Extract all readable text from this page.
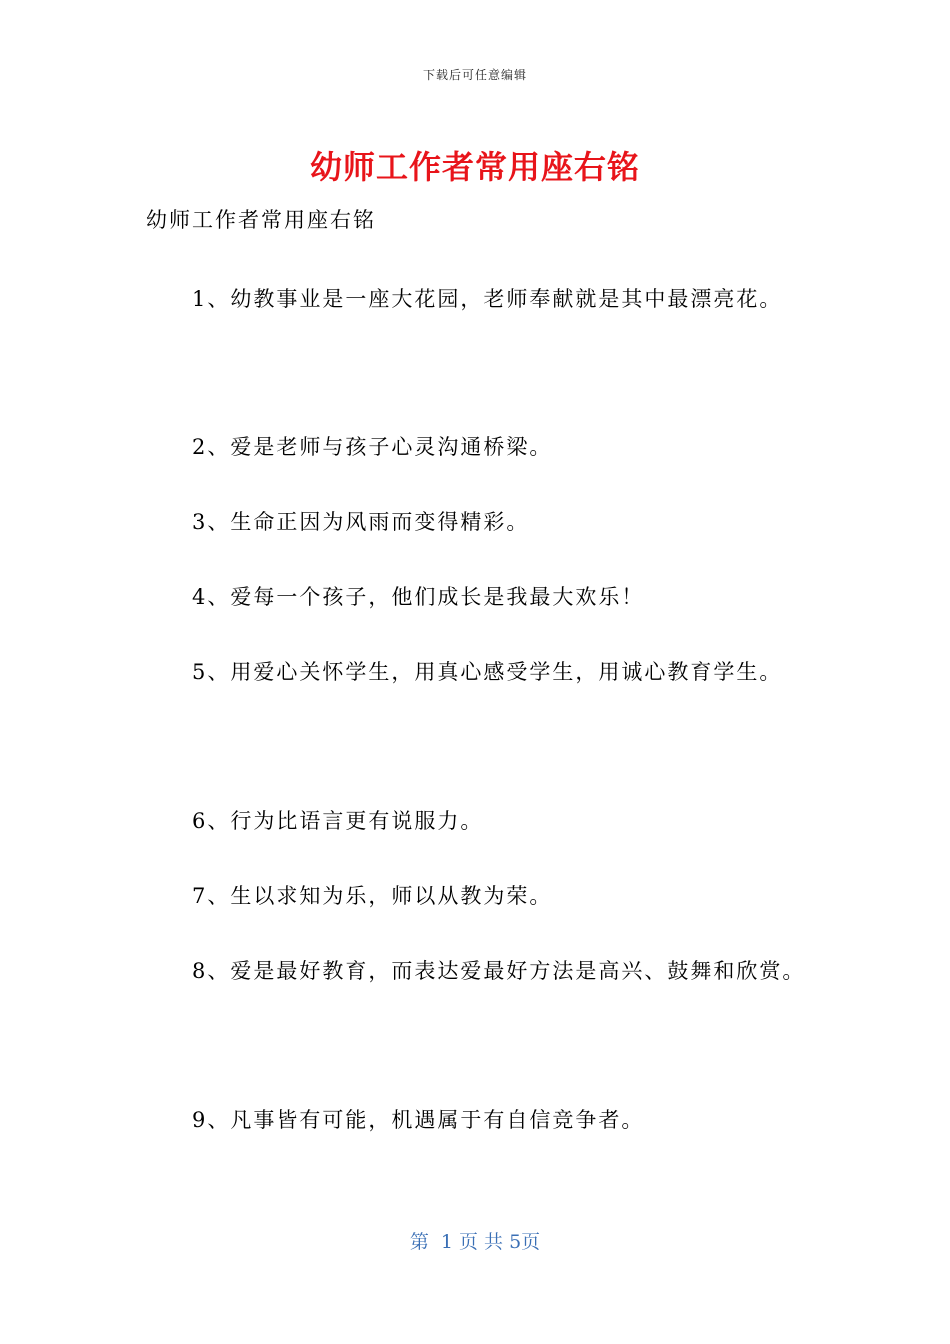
下载后可任意编辑
幼师工作者常用座右铭
幼师工作者常用座右铭
1、幼教事业是一座大花园，老师奉献就是其中最漂亮花。
2、爱是老师与孩子心灵沟通桥梁。
3、生命正因为风雨而变得精彩。
4、爱每一个孩子，他们成长是我最大欢乐！
5、用爱心关怀学生，用真心感受学生，用诚心教育学生。
6、行为比语言更有说服力。
7、生以求知为乐，师以从教为荣。
8、爱是最好教育，而表达爱最好方法是高兴、鼓舞和欣赏。
9、凡事皆有可能，机遇属于有自信竞争者。
第  1 页 共 5页
